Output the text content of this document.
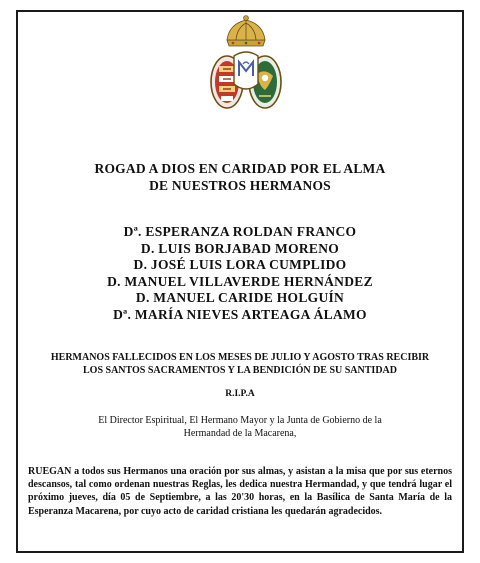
ROGAD A DIOS EN CARIDAD POR EL ALMA

DE NUESTROS HERMANOS

Dª. ESPERANZA ROLDAN FRANCO
D. LUIS BORJABAD MORENO
D. JOSÉ LUIS LORA CUMPLIDO
D. MANUEL VILLAVERDE HERNÁNDEZ
D. MANUEL CARIDE HOLGUÍN
Dª. MARÍA NIEVES ARTEAGA ÁLAMO

HERMANOS FALLECIDOS EN LOS MESES DE JULIO Y AGOSTO TRAS RECIBIR

LOS SANTOS SACRAMENTOS Y LA BENDICIÓN DE SU SANTIDAD

R.I.P.A

El Director Espiritual, El Hermano Mayor y la Junta de Gobierno de la

Hermandad de la Macarena,

RUEGAN a todos sus Hermanos una oración por sus almas, y asistan a la misa que por sus eternos descansos, tal como ordenan nuestras Reglas, les dedica nuestra Hermandad, y que tendrá lugar el próximo jueves, día 05 de Septiembre, a las 20'30 horas, en la Basílica de Santa María de la Esperanza Macarena, por cuyo acto de caridad cristiana les quedarán agradecidos.
